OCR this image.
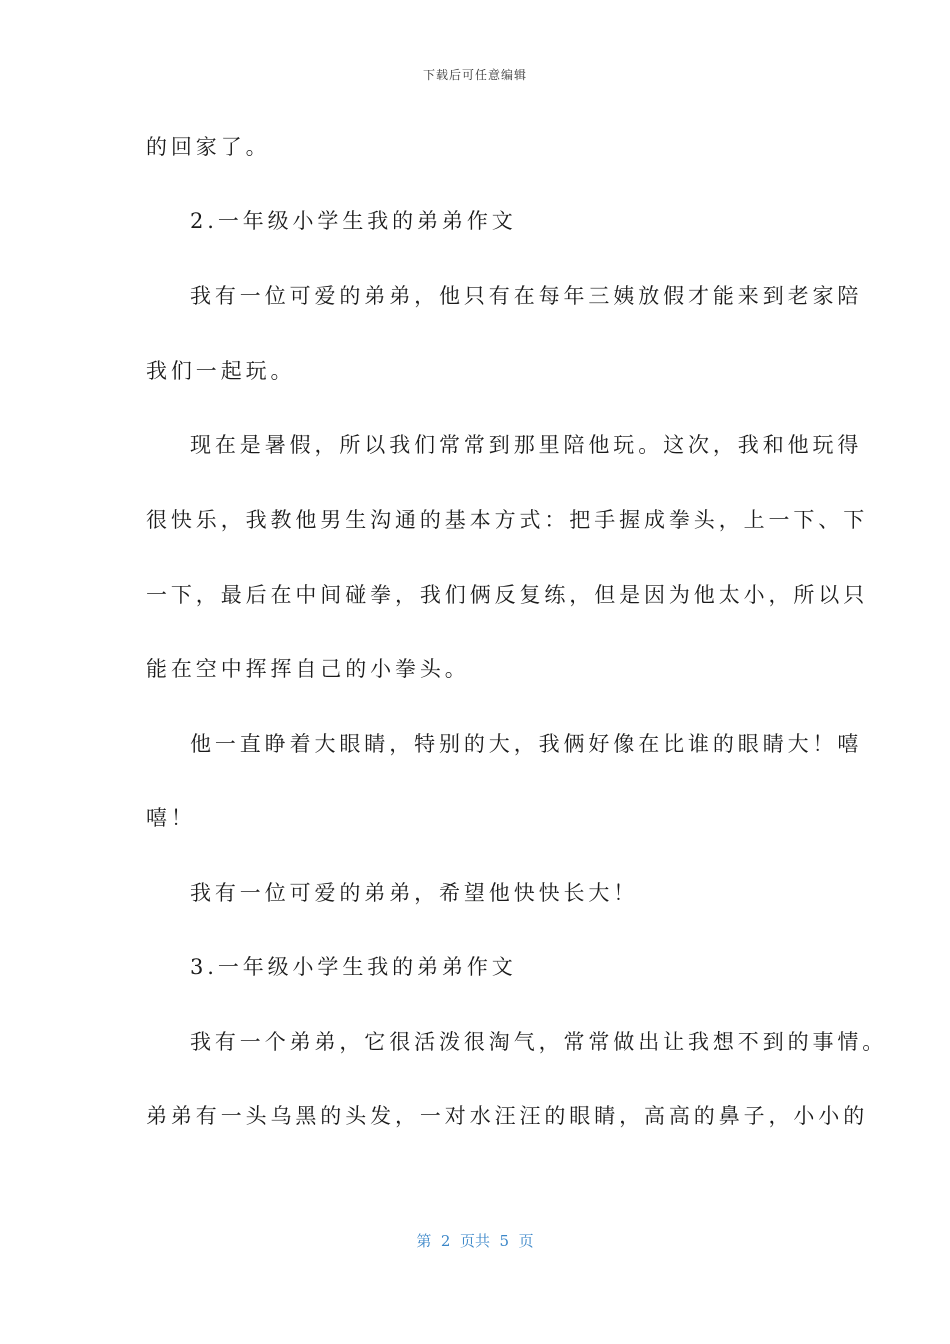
下载后可任意编辑
的回家了。
2.一年级小学生我的弟弟作文
我有一位可爱的弟弟，他只有在每年三姨放假才能来到老家陪
我们一起玩。
现在是暑假，所以我们常常到那里陪他玩。这次，我和他玩得
很快乐，我教他男生沟通的基本方式：把手握成拳头，上一下、下
一下，最后在中间碰拳，我们俩反复练，但是因为他太小，所以只
能在空中挥挥自己的小拳头。
他一直睁着大眼睛，特别的大，我俩好像在比谁的眼睛大！嘻
嘻！
我有一位可爱的弟弟，希望他快快长大！
3.一年级小学生我的弟弟作文
我有一个弟弟，它很活泼很淘气，常常做出让我想不到的事情。
弟弟有一头乌黑的头发，一对水汪汪的眼睛，高高的鼻子，小小的
第  2  页共  5  页
